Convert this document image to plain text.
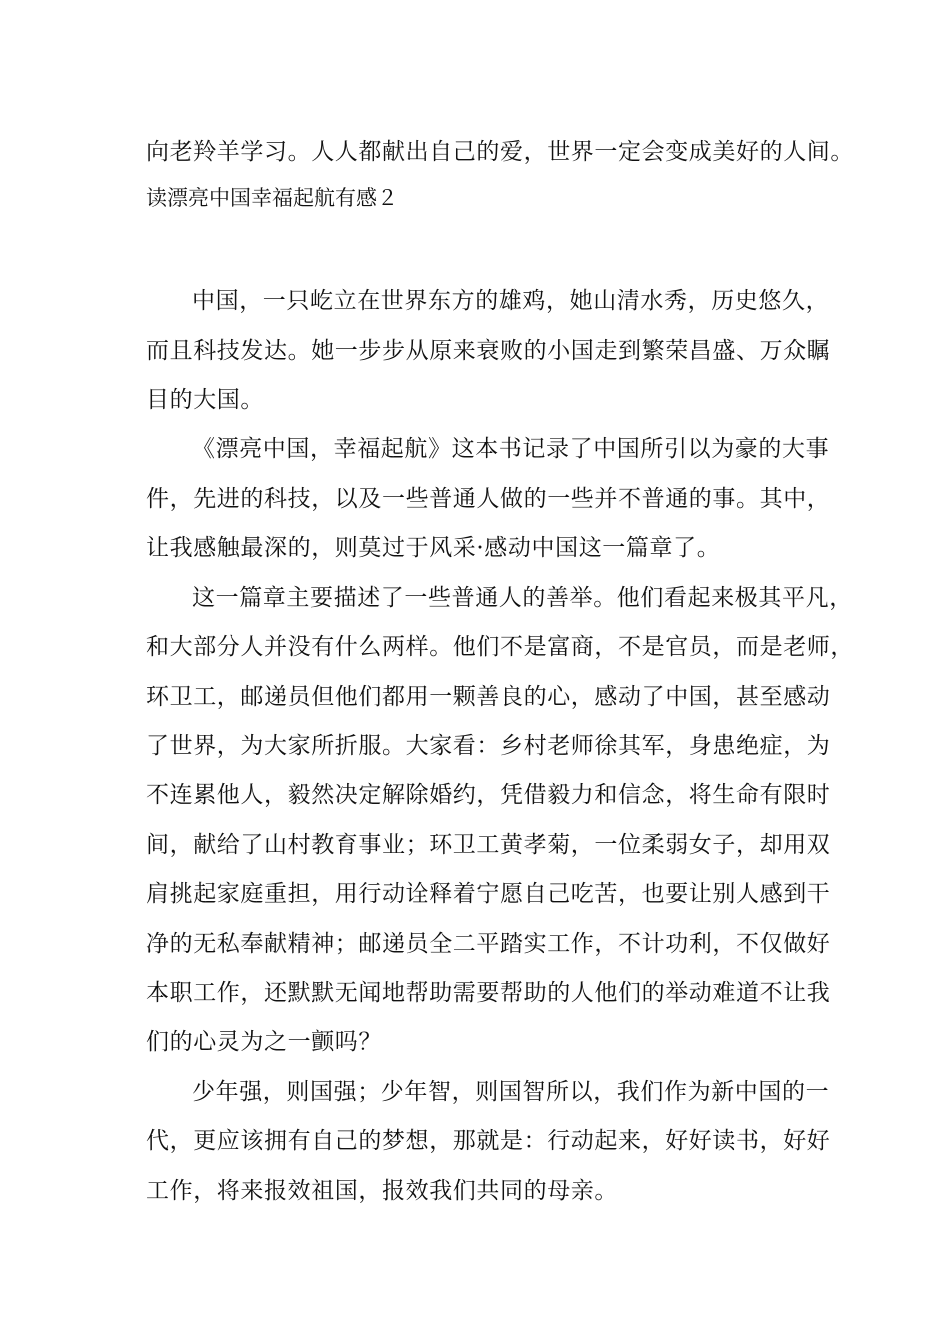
向老羚羊学习。人人都献出自己的爱，世界一定会变成美好的人间。
读漂亮中国幸福起航有感２
中国，一只屹立在世界东方的雄鸡，她山清水秀，历史悠久，
而且科技发达。她一步步从原来衰败的小国走到繁荣昌盛、万众瞩
目的大国。
《漂亮中国，幸福起航》这本书记录了中国所引以为豪的大事
件，先进的科技，以及一些普通人做的一些并不普通的事。其中，
让我感触最深的，则莫过于风采·感动中国这一篇章了。
这一篇章主要描述了一些普通人的善举。他们看起来极其平凡，
和大部分人并没有什么两样。他们不是富商，不是官员，而是老师，
环卫工，邮递员但他们都用一颗善良的心，感动了中国，甚至感动
了世界，为大家所折服。大家看：乡村老师徐其军，身患绝症，为
不连累他人，毅然决定解除婚约，凭借毅力和信念，将生命有限时
间，献给了山村教育事业；环卫工黄孝菊，一位柔弱女子，却用双
肩挑起家庭重担，用行动诠释着宁愿自己吃苦，也要让别人感到干
净的无私奉献精神；邮递员全二平踏实工作，不计功利，不仅做好
本职工作，还默默无闻地帮助需要帮助的人他们的举动难道不让我
们的心灵为之一颤吗？
少年强，则国强；少年智，则国智所以，我们作为新中国的一
代，更应该拥有自己的梦想，那就是：行动起来，好好读书，好好
工作，将来报效祖国，报效我们共同的母亲。
